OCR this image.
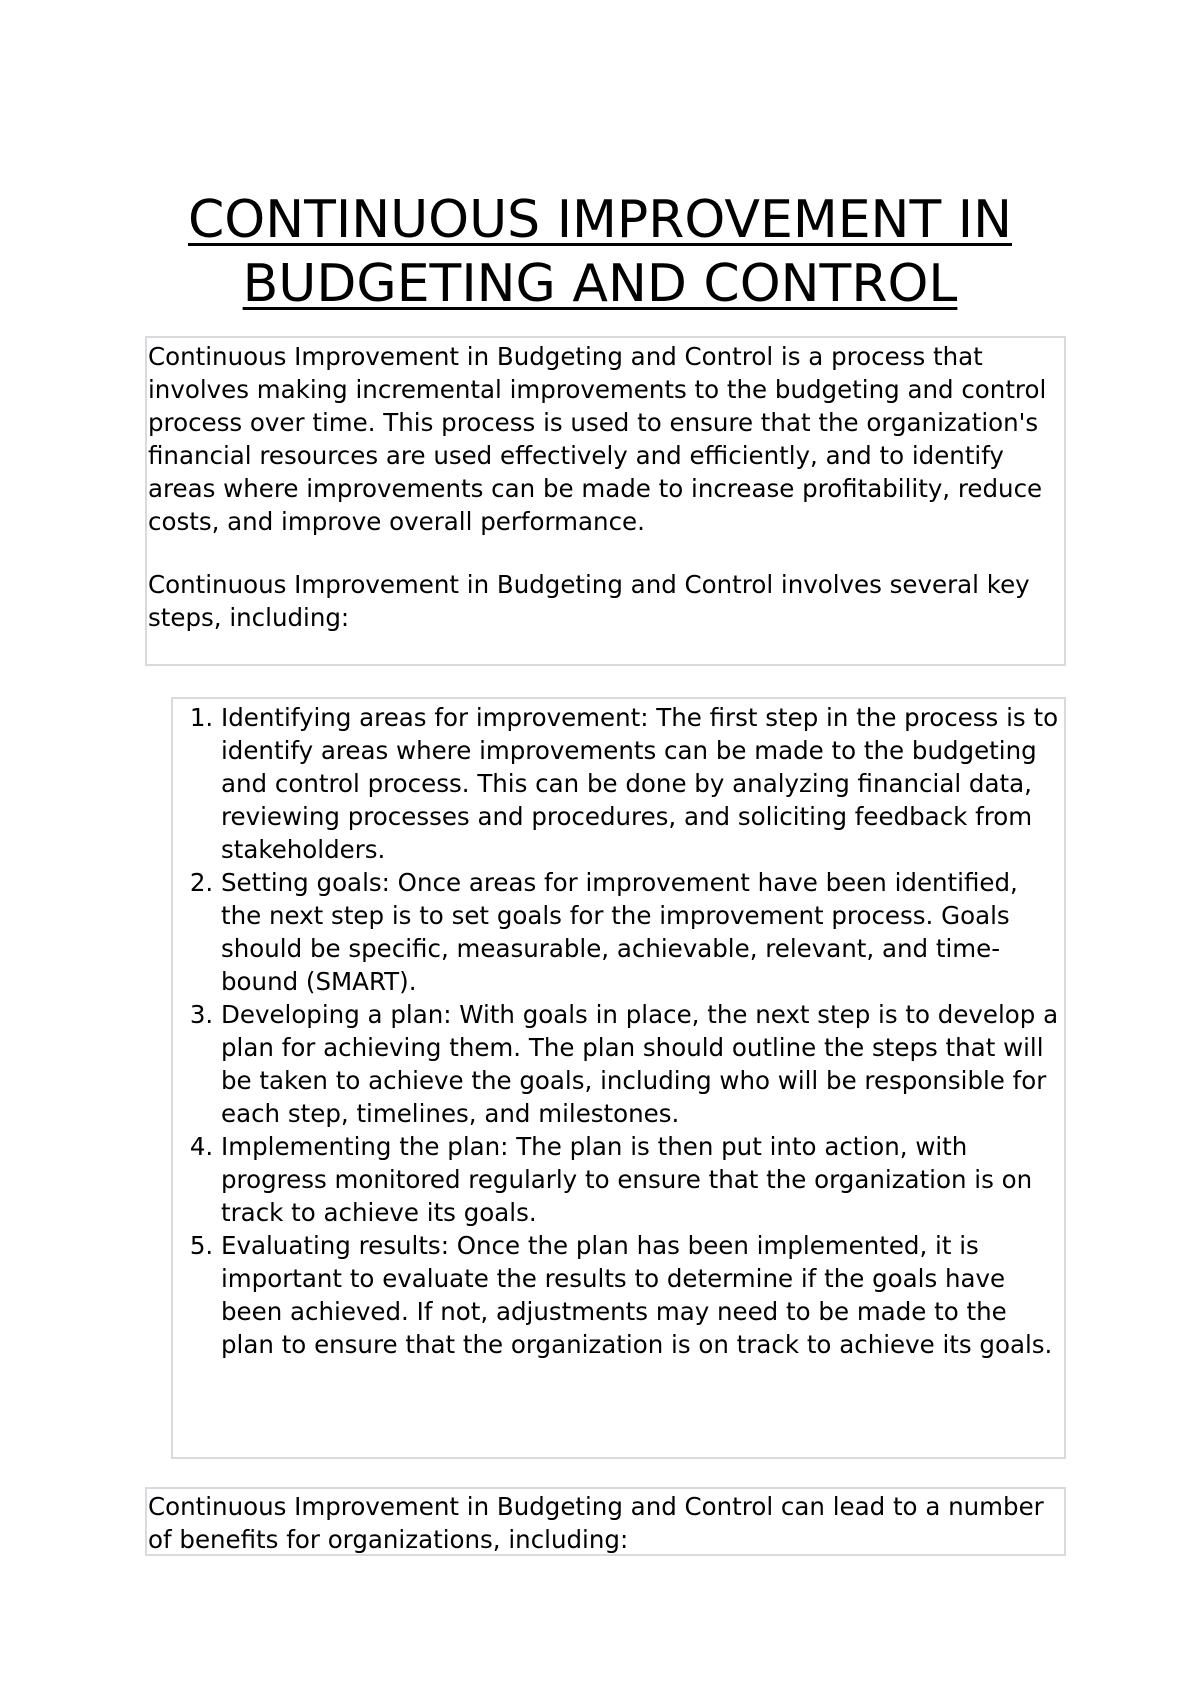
CONTINUOUS IMPROVEMENT IN BUDGETING AND CONTROL

Continuous Improvement in Budgeting and Control is a process that involves making incremental improvements to the budgeting and control process over time. This process is used to ensure that the organization's financial resources are used effectively and efficiently, and to identify areas where improvements can be made to increase profitability, reduce costs, and improve overall performance.

Continuous Improvement in Budgeting and Control involves several key steps, including:

1. Identifying areas for improvement: The first step in the process is to identify areas where improvements can be made to the budgeting and control process. This can be done by analyzing financial data, reviewing processes and procedures, and soliciting feedback from stakeholders.
2. Setting goals: Once areas for improvement have been identified, the next step is to set goals for the improvement process. Goals should be specific, measurable, achievable, relevant, and time-bound (SMART).
3. Developing a plan: With goals in place, the next step is to develop a plan for achieving them. The plan should outline the steps that will be taken to achieve the goals, including who will be responsible for each step, timelines, and milestones.
4. Implementing the plan: The plan is then put into action, with progress monitored regularly to ensure that the organization is on track to achieve its goals.
5. Evaluating results: Once the plan has been implemented, it is important to evaluate the results to determine if the goals have been achieved. If not, adjustments may need to be made to the plan to ensure that the organization is on track to achieve its goals.

Continuous Improvement in Budgeting and Control can lead to a number of benefits for organizations, including:
